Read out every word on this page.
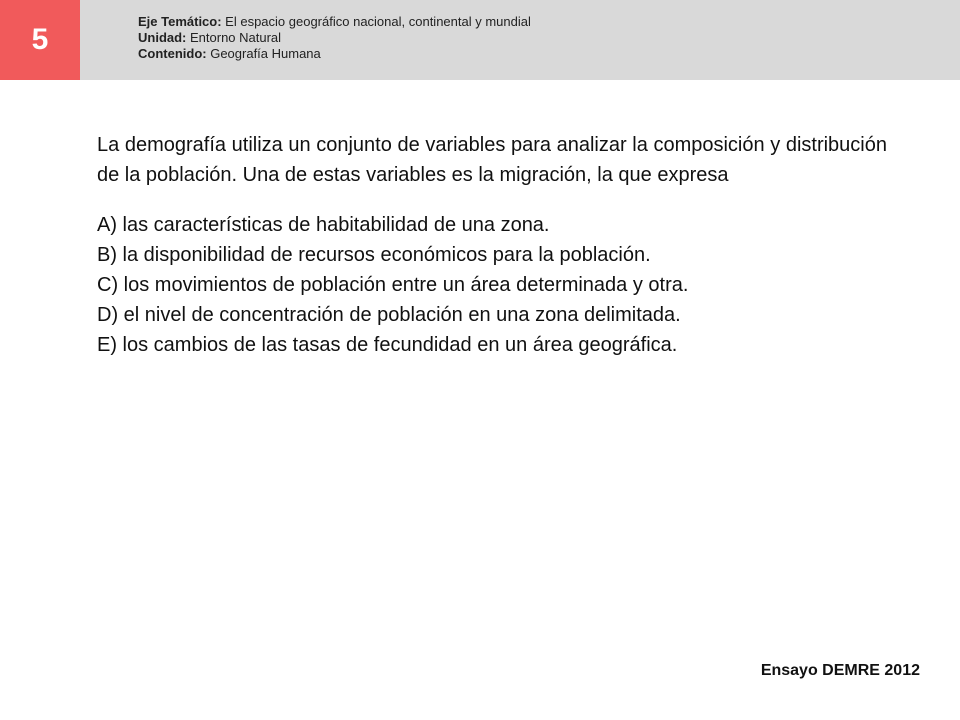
5
Eje Temático: El espacio geográfico nacional, continental y mundial
Unidad: Entorno Natural
Contenido: Geografía Humana

La demografía utiliza un conjunto de variables para analizar la composición y distribución de la población. Una de estas variables es la migración, la que expresa

A) las características de habitabilidad de una zona.
B) la disponibilidad de recursos económicos para la población.
C) los movimientos de población entre un área determinada y otra.
D) el nivel de concentración de población en una zona delimitada.
E) los cambios de las tasas de fecundidad en un área geográfica.
Ensayo DEMRE 2012
